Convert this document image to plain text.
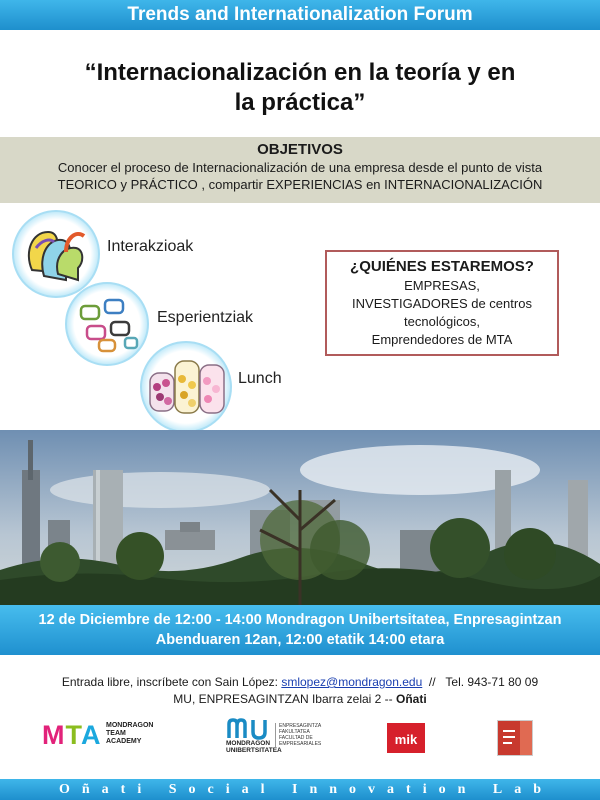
Trends and Internationalization Forum
“Internacionalización en la teoría y en
la práctica”
OBJETIVOS
Conocer el proceso de Internacionalización de una empresa desde el punto de vista
TEORICO y PRÁCTICO , compartir EXPERIENCIAS en INTERNACIONALIZACIÓN
Interakzioak
Esperientziak
Lunch
¿QUIÉNES ESTAREMOS?
EMPRESAS,
INVESTIGADORES de centros
tecnológicos,
Emprendedores de MTA
12 de Diciembre de 12:00 - 14:00 Mondragon Unibertsitatea, Enpresagintzan
Abenduaren 12an, 12:00 etatik 14:00 etara
Entrada libre, inscríbete con Sain López: smlopez@mondragon.edu  //   Tel. 943-71 80 09
MU, ENPRESAGINTZAN Ibarra zelai 2 -- Oñati
MTA MONDRAGON
TEAM
ACADEMY	MONDRAGON
UNIBERTSITATEA
ENPRESAGINTZA
FAKULTATEA
FACULTAD DE
EMPRESARIALES	mik
Oñati Social Innovation Lab
